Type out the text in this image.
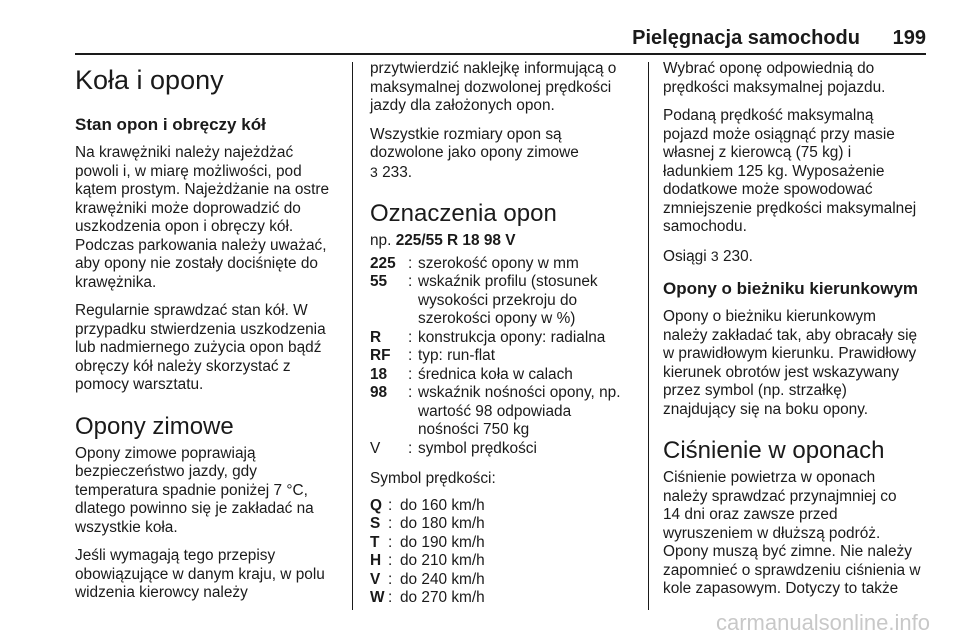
Pielęgnacja samochodu 199
Koła i opony
Stan opon i obręczy kół

Na krawężniki należy najeżdżać
powoli i, w miarę możliwości, pod
kątem prostym. Najeżdżanie na ostre
krawężniki może doprowadzić do
uszkodzenia opon i obręczy kół.
Podczas parkowania należy uważać,
aby opony nie zostały dociśnięte do
krawężnika.

Regularnie sprawdzać stan kół. W
przypadku stwierdzenia uszkodzenia
lub nadmiernego zużycia opon bądź
obręczy kół należy skorzystać z
pomocy warsztatu.

Opony zimowe

Opony zimowe poprawiają
bezpieczeństwo jazdy, gdy
temperatura spadnie poniżej 7 °C,
dlatego powinno się je zakładać na
wszystkie koła.

Jeśli wymagają tego przepisy
obowiązujące w danym kraju, w polu
widzenia kierowcy należy

przytwierdzić naklejkę informującą o
maksymalnej dozwolonej prędkości
jazdy dla założonych opon.

Wszystkie rozmiary opon są
dozwolone jako opony zimowe
3 233.

Oznaczenia opon

np. 225/55 R 18 98 V

225 : szerokość opony w mm
55	: wskaźnik profilu (stosunek
wysokości przekroju do
szerokości opony w %)
R	: konstrukcja opony: radialna
RF	: typ: run-flat
18	: średnica koła w calach
98	: wskaźnik nośności opony, np.
wartość 98 odpowiada
nośności 750 kg
V	: symbol prędkości

Symbol prędkości:

Q : do 160 km/h
S : do 180 km/h
T : do 190 km/h
H : do 210 km/h
V : do 240 km/h
W : do 270 km/h

Wybrać oponę odpowiednią do
prędkości maksymalnej pojazdu.

Podaną prędkość maksymalną
pojazd może osiągnąć przy masie
własnej z kierowcą (75 kg) i
ładunkiem 125 kg. Wyposażenie
dodatkowe może spowodować
zmniejszenie prędkości maksymalnej
samochodu.

Osiągi 3 230.

Opony o bieżniku kierunkowym

Opony o bieżniku kierunkowym
należy zakładać tak, aby obracały się
w prawidłowym kierunku. Prawidłowy
kierunek obrotów jest wskazywany
przez symbol (np. strzałkę)
znajdujący się na boku opony.

Ciśnienie w oponach

Ciśnienie powietrza w oponach
należy sprawdzać przynajmniej co
14 dni oraz zawsze przed
wyruszeniem w dłuższą podróż.
Opony muszą być zimne. Nie należy
zapomnieć o sprawdzeniu ciśnienia w
kole zapasowym. Dotyczy to także

carmanualsonline.info
